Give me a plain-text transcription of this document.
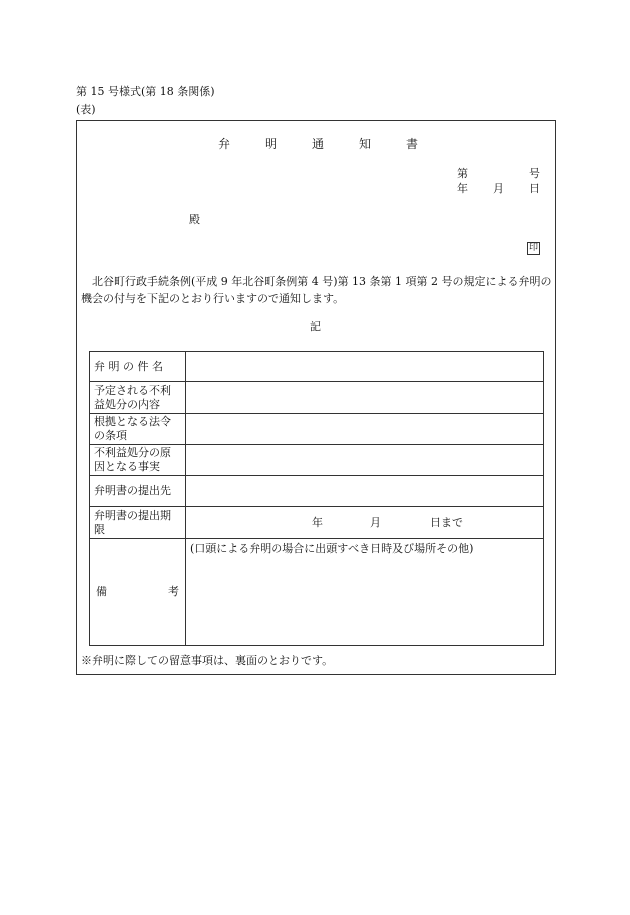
第 15 号様式(第 18 条関係)
(表)
弁	明	通	知	書
第	号
年 月 日
殿
印
北谷町行政手続条例(平成 9 年北谷町条例第 4 号)第 13 条第 1 項第 2 号の規定による弁明の機会の付与を下記のとおり行いますので通知します。
記
弁 明 の 件 名	

予定される不利益処分の内容	

根拠となる法令の条項	

不利益処分の原因となる事実	

弁明書の提出先	

弁明書の提出期限	年 月 日まで

備 考	(口頭による弁明の場合に出頭すべき日時及び場所その他)
※弁明に際しての留意事項は、裏面のとおりです。
